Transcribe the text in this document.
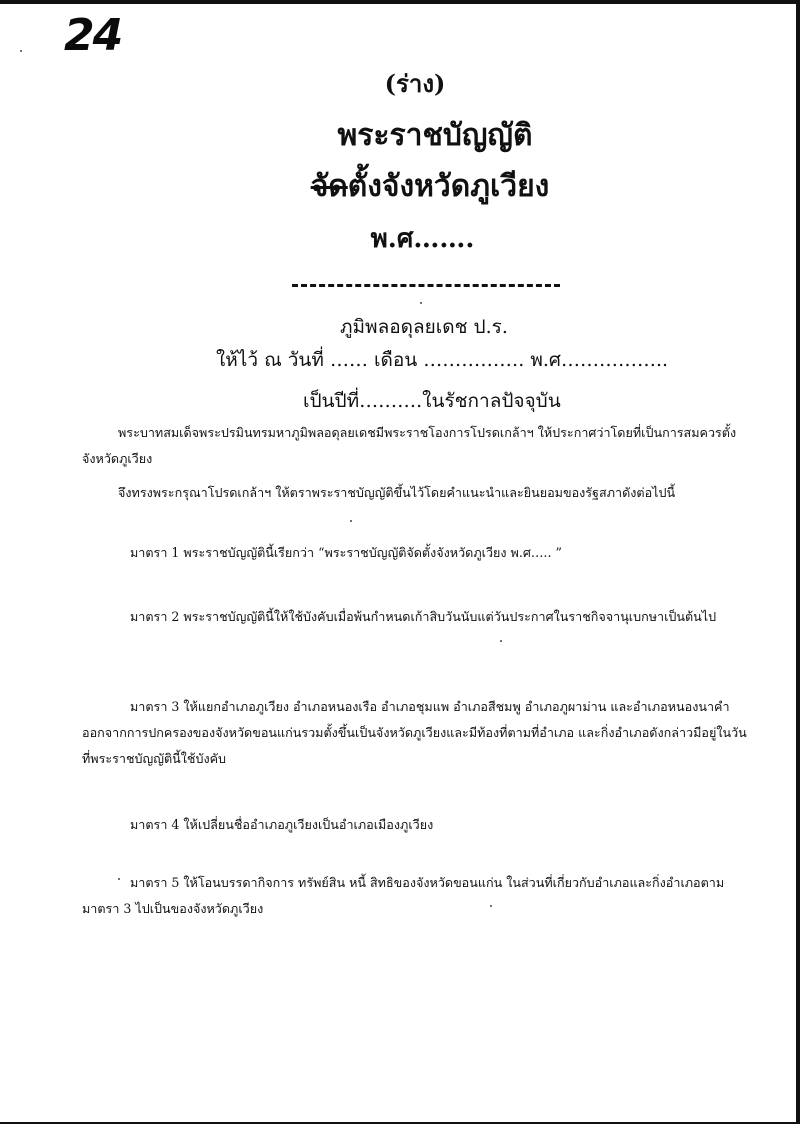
24
(ร่าง)
พระราชบัญญัติ
จัดตั้งจังหวัดภูเวียง
พ.ศ…….
ภูมิพลอดุลยเดช ป.ร.
ให้ไว้ ณ วันที่ …… เดือน ……………. พ.ศ……………..
เป็นปีที่……….ในรัชกาลปัจจุบัน
พระบาทสมเด็จพระปรมินทรมหาภูมิพลอดุลยเดชมีพระราชโองการโปรดเกล้าฯ ให้ประกาศว่าโดยที่เป็นการสมควรตั้งจังหวัดภูเวียง
จึงทรงพระกรุณาโปรดเกล้าฯ ให้ตราพระราชบัญญัติขึ้นไว้โดยคำแนะนำและยินยอมของรัฐสภาดังต่อไปนี้
มาตรา 1 พระราชบัญญัตินี้เรียกว่า “พระราชบัญญัติจัดตั้งจังหวัดภูเวียง พ.ศ….. ”
มาตรา 2 พระราชบัญญัตินี้ให้ใช้บังคับเมื่อพ้นกำหนดเก้าสิบวันนับแต่วันประกาศในราชกิจจานุเบกษาเป็นต้นไป
มาตรา 3 ให้แยกอำเภอภูเวียง อำเภอหนองเรือ อำเภอชุมแพ อำเภอสีชมพู อำเภอภูผาม่าน และอำเภอหนองนาคำ ออกจากการปกครองของจังหวัดขอนแก่นรวมตั้งขึ้นเป็นจังหวัดภูเวียงและมีท้องที่ตามที่อำเภอ และกิ่งอำเภอดังกล่าวมีอยู่ในวันที่พระราชบัญญัตินี้ใช้บังคับ
มาตรา 4 ให้เปลี่ยนชื่ออำเภอภูเวียงเป็นอำเภอเมืองภูเวียง
มาตรา 5 ให้โอนบรรดากิจการ ทรัพย์สิน หนี้ สิทธิของจังหวัดขอนแก่น ในส่วนที่เกี่ยวกับอำเภอและกิ่งอำเภอตามมาตรา 3 ไปเป็นของจังหวัดภูเวียง
